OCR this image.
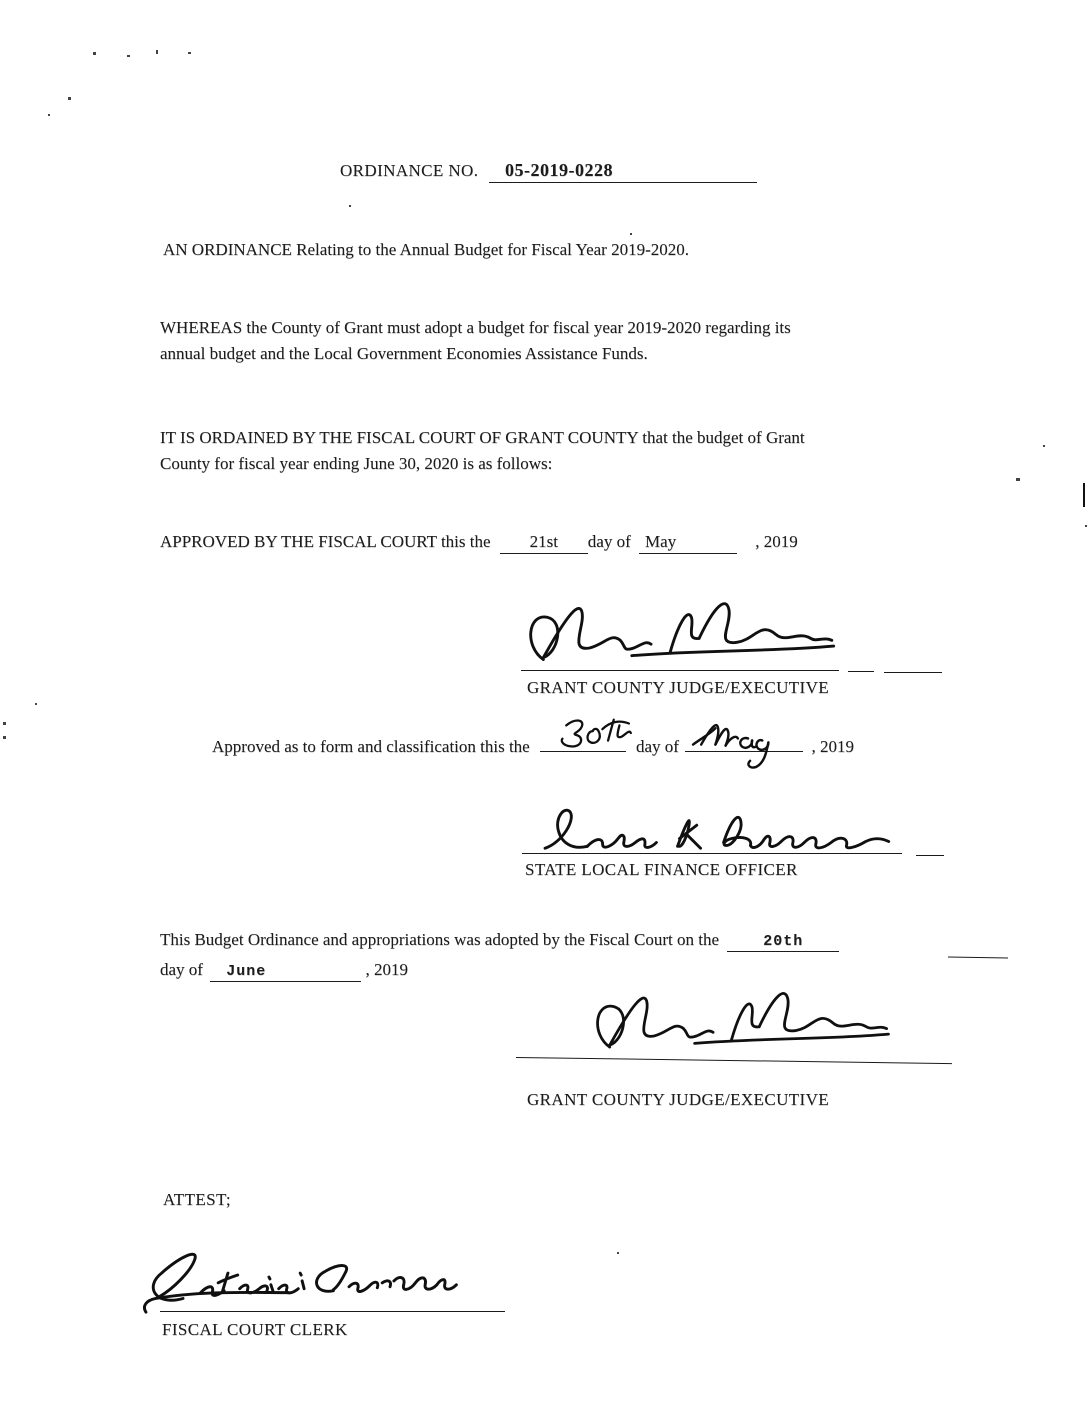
ORDINANCE NO. 05-2019-0228
AN ORDINANCE Relating to the Annual Budget for Fiscal Year 2019-2020.
WHEREAS the County of Grant must adopt a budget for fiscal year 2019-2020 regarding its
annual budget and the Local Government Economies Assistance Funds.
IT IS ORDAINED BY THE FISCAL COURT OF GRANT COUNTY that the budget of Grant
County for fiscal year ending June 30, 2020 is as follows:
APPROVED BY THE FISCAL COURT this the 21st day of May	, 2019
GRANT COUNTY JUDGE/EXECUTIVE
Approved as to form and classification this the	day of	, 2019
STATE LOCAL FINANCE OFFICER
This Budget Ordinance and appropriations was adopted by the Fiscal Court on the	20th
day of June	, 2019
GRANT COUNTY JUDGE/EXECUTIVE
ATTEST;
FISCAL COURT CLERK
